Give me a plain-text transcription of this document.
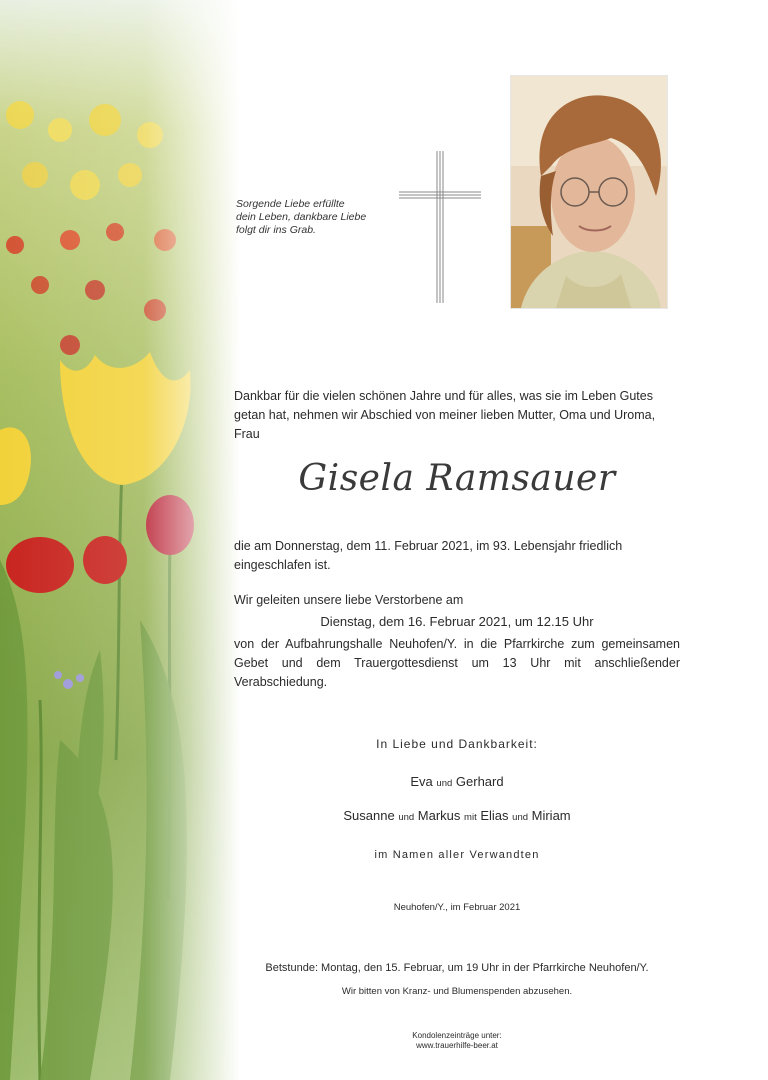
Sorgende Liebe erfüllte
dein Leben, dankbare Liebe
folgt dir ins Grab.
Dankbar für die vielen schönen Jahre und für alles, was sie im Leben Gutes getan hat, nehmen wir Abschied von meiner lieben Mutter, Oma und Uroma, Frau
Gisela Ramsauer
die am Donnerstag, dem 11. Februar 2021, im 93. Lebensjahr friedlich eingeschlafen ist.
Wir geleiten unsere liebe Verstorbene am
Dienstag, dem 16. Februar 2021, um 12.15 Uhr
von der Aufbahrungshalle Neuhofen/Y. in die Pfarrkirche zum gemeinsamen Gebet und dem Trauergottesdienst um 13 Uhr mit anschließender Verabschiedung.
In Liebe und Dankbarkeit:
Eva und Gerhard
Susanne und Markus mit Elias und Miriam
im Namen aller Verwandten
Neuhofen/Y., im Februar 2021
Betstunde: Montag, den 15. Februar, um 19 Uhr in der Pfarrkirche Neuhofen/Y.
Wir bitten von Kranz- und Blumenspenden abzusehen.
Kondolenzeinträge unter:
www.trauerhilfe-beer.at
